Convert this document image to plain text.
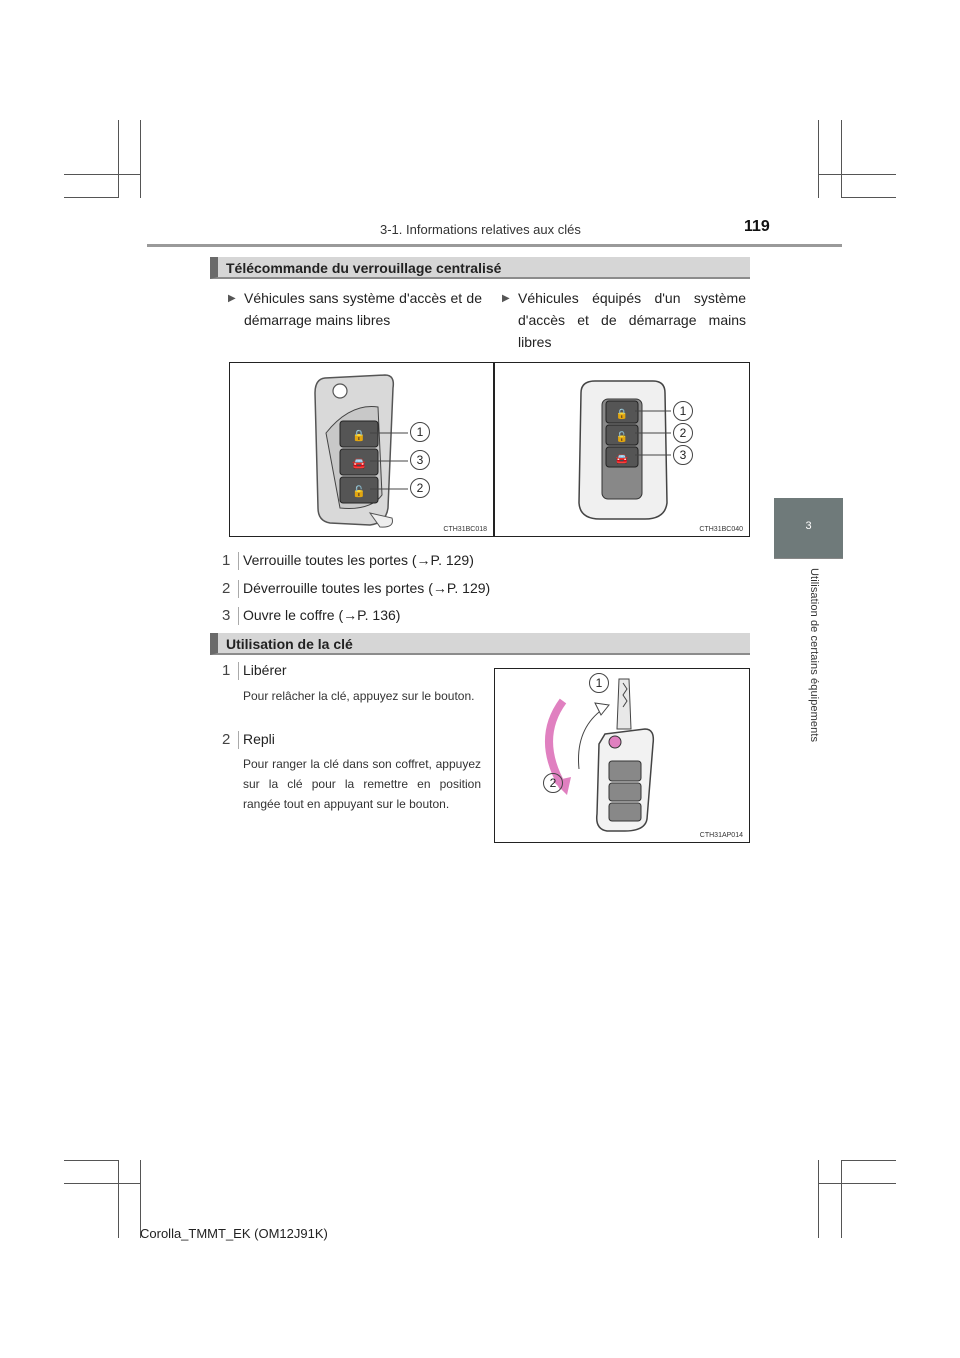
3-1. Informations relatives aux clés	119
3
Utilisation de certains équipements
Télécommande du verrouillage centralisé
▶ Véhicules sans système d'accès et de démarrage mains libres
▶ Véhicules équipés d'un système d'accès et de démarrage mains libres
🔒
🚘
🔓
1
3
2
CTH31BC018
🔒
🔓
🚘
1
2
3
CTH31BC040
1 Verrouille toutes les portes (→P. 129)
2 Déverrouille toutes les portes (→P. 129)
3 Ouvre le coffre (→P. 136)
Utilisation de la clé
1 Libérer
Pour relâcher la clé, appuyez sur le bouton.
2 Repli
Pour ranger la clé dans son coffret, appuyez sur la clé pour la remettre en position rangée tout en appuyant sur le bouton.
1
2
CTH31AP014
Corolla_TMMT_EK (OM12J91K)
